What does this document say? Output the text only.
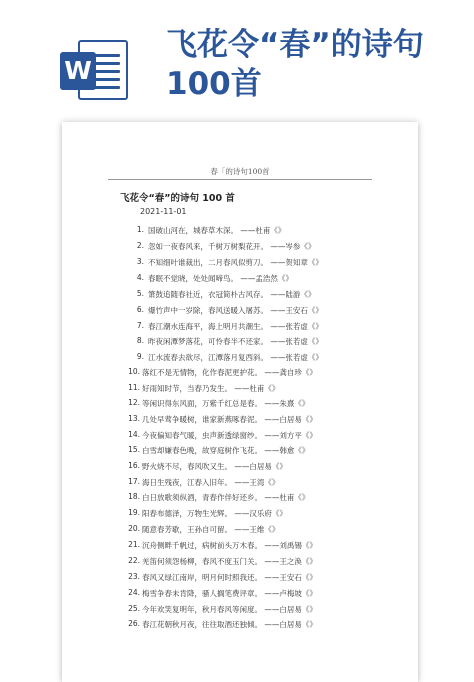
W
飞花令“春”的诗句100首
春「的诗句100首
飞花令“春”的诗句 100 首
2021-11-01
1. 国破山河在，城春草木深。 ——杜甫《》
2. 忽如一夜春风来，千树万树梨花开。 ——岑参《》
3. 不知细叶谁裁出，二月春风似剪刀。 ——贺知章《》
4. 春眠不觉晓，处处闻啼鸟。 ——孟浩然《》
5. 箫鼓追随春社近，衣冠简朴古风存。 ——陆游《》
6. 爆竹声中一岁除，春风送暖入屠苏。 ——王安石《》
7. 春江潮水连海平，海上明月共潮生。 ——张若虚《》
8. 昨夜闲潭梦落花，可怜春半不还家。 ——张若虚《》
9. 江水流春去欲尽，江潭落月复西斜。 ——张若虚《》
10. 落红不是无情物，化作春泥更护花。 ——龚自珍《》
11. 好雨知时节，当春乃发生。 ——杜甫《》
12. 等闲识得东风面，万紫千红总是春。 ——朱熹《》
13. 几处早莺争暖树，谁家新燕啄春泥。 ——白居易《》
14. 今夜偏知春气暖，虫声新透绿窗纱。 ——刘方平《》
15. 白雪却嫌春色晚，故穿庭树作飞花。 ——韩愈《》
16. 野火烧不尽，春风吹又生。 ——白居易《》
17. 海日生残夜，江春入旧年。 ——王湾《》
18. 白日放歌须纵酒，青春作伴好还乡。 ——杜甫《》
19. 阳春布德泽，万物生光辉。 ——汉乐府《》
20. 随意春芳歇，王孙自可留。 ——王维《》
21. 沉舟侧畔千帆过，病树前头万木春。 ——刘禹锡《》
22. 羌笛何须怨杨柳，春风不度玉门关。 ——王之涣《》
23. 春风又绿江南岸，明月何时照我还。 ——王安石《》
24. 梅雪争春未肯降，骚人搁笔费评章。 ——卢梅坡《》
25. 今年欢笑复明年，秋月春风等闲度。 ——白居易《》
26. 春江花朝秋月夜，往往取酒还独倾。 ——白居易《》
